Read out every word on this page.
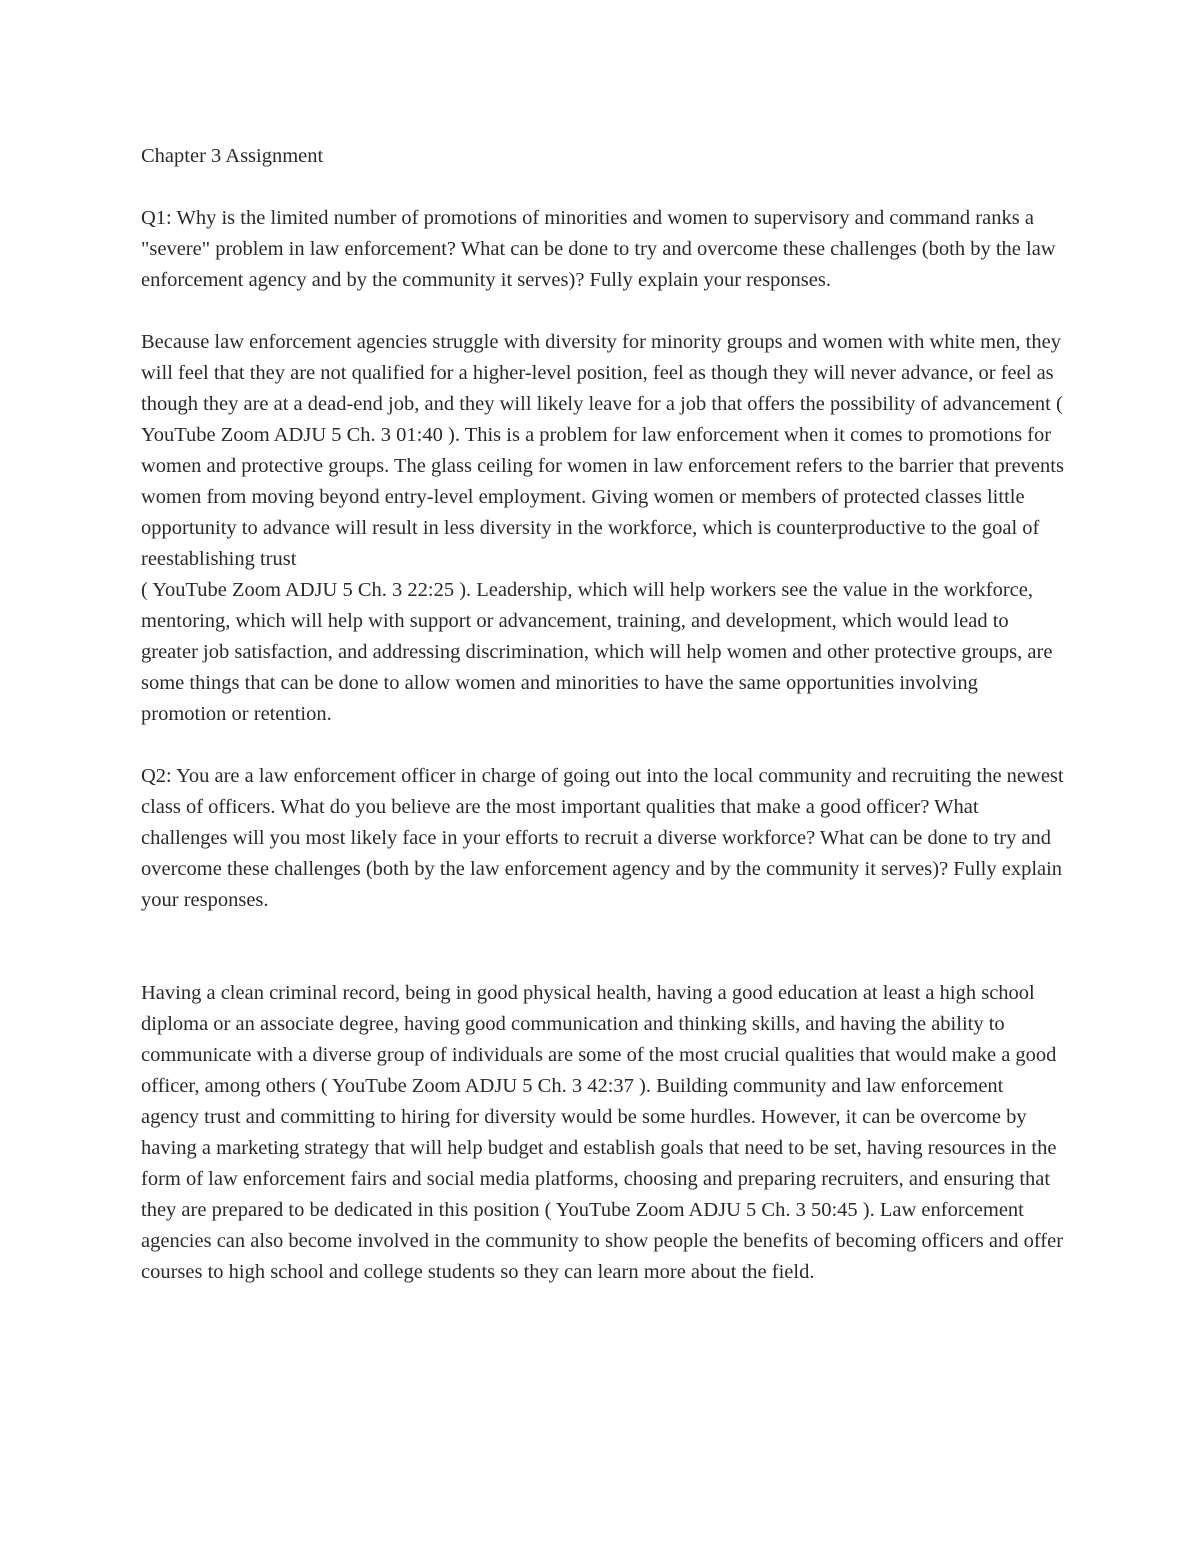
Chapter 3 Assignment

Q1: Why is the limited number of promotions of minorities and women to supervisory and command ranks a "severe" problem in law enforcement? What can be done to try and overcome these challenges (both by the law enforcement agency and by the community it serves)? Fully explain your responses.

Because law enforcement agencies struggle with diversity for minority groups and women with white men, they will feel that they are not qualified for a higher-level position, feel as though they will never advance, or feel as though they are at a dead-end job, and they will likely leave for a job that offers the possibility of advancement ( YouTube Zoom ADJU 5 Ch. 3 01:40 ). This is a problem for law enforcement when it comes to promotions for women and protective groups. The glass ceiling for women in law enforcement refers to the barrier that prevents women from moving beyond entry-level employment. Giving women or members of protected classes little opportunity to advance will result in less diversity in the workforce, which is counterproductive to the goal of reestablishing trust

( YouTube Zoom ADJU 5 Ch. 3 22:25 ). Leadership, which will help workers see the value in the workforce, mentoring, which will help with support or advancement, training, and development, which would lead to greater job satisfaction, and addressing discrimination, which will help women and other protective groups, are some things that can be done to allow women and minorities to have the same opportunities involving promotion or retention.

Q2: You are a law enforcement officer in charge of going out into the local community and recruiting the newest class of officers. What do you believe are the most important qualities that make a good officer? What challenges will you most likely face in your efforts to recruit a diverse workforce? What can be done to try and overcome these challenges (both by the law enforcement agency and by the community it serves)? Fully explain your responses.

Having a clean criminal record, being in good physical health, having a good education at least a high school diploma or an associate degree, having good communication and thinking skills, and having the ability to communicate with a diverse group of individuals are some of the most crucial qualities that would make a good officer, among others ( YouTube Zoom ADJU 5 Ch. 3 42:37 ). Building community and law enforcement agency trust and committing to hiring for diversity would be some hurdles. However, it can be overcome by having a marketing strategy that will help budget and establish goals that need to be set, having resources in the form of law enforcement fairs and social media platforms, choosing and preparing recruiters, and ensuring that they are prepared to be dedicated in this position ( YouTube Zoom ADJU 5 Ch. 3 50:45 ). Law enforcement agencies can also become involved in the community to show people the benefits of becoming officers and offer courses to high school and college students so they can learn more about the field.
